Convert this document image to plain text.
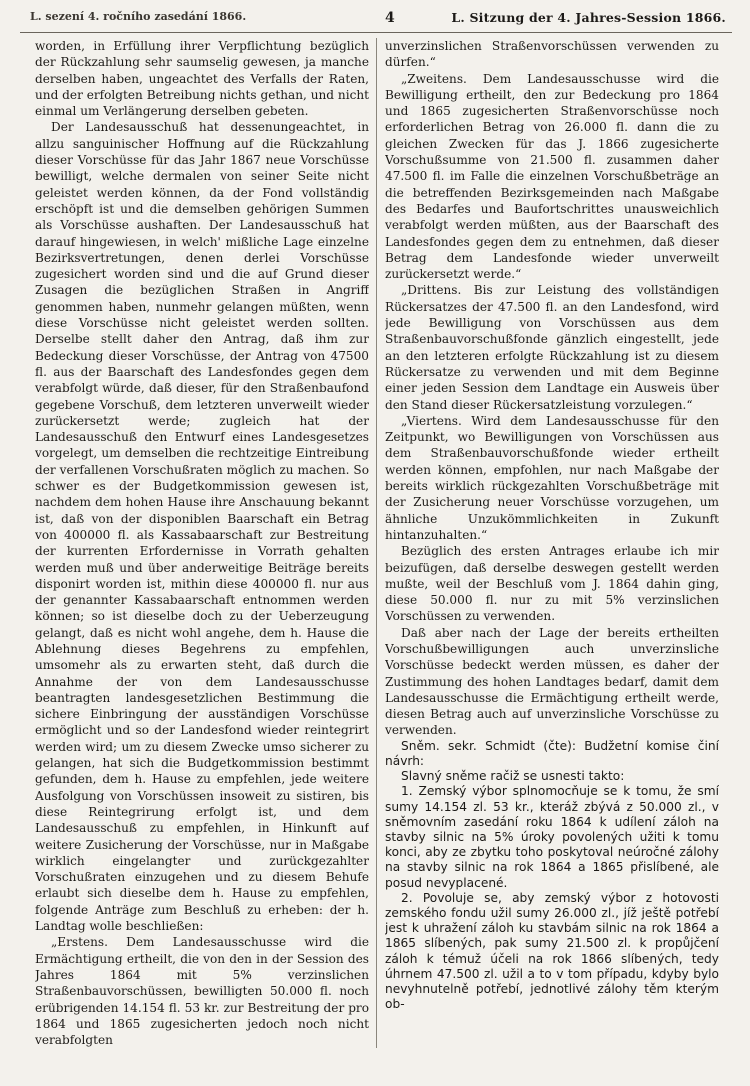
L. sezení 4. ročního zasedání 1866.	4	L. Sitzung der 4. Jahres-Session 1866.

worden, in Erfüllung ihrer Verpflichtung bezüglich der Rückzahlung sehr saumselig gewesen, ja manche derselben haben, ungeachtet des Verfalls der Raten, und der erfolgten Betreibung nichts gethan, und nicht einmal um Verlängerung derselben gebeten.

Der Landesausschuß hat dessenungeachtet, in allzu sanguinischer Hoffnung auf die Rückzahlung dieser Vorschüsse für das Jahr 1867 neue Vorschüsse bewilligt, welche dermalen von seiner Seite nicht geleistet werden können, da der Fond vollständig erschöpft ist und die demselben gehörigen Summen als Vorschüsse aushaften. Der Landesausschuß hat darauf hingewiesen, in welch' mißliche Lage einzelne Bezirksvertretungen, denen derlei Vorschüsse zugesichert worden sind und die auf Grund dieser Zusagen die bezüglichen Straßen in Angriff genommen haben, nunmehr gelangen müßten, wenn diese Vorschüsse nicht geleistet werden sollten. Derselbe stellt daher den Antrag, daß ihm zur Bedeckung dieser Vorschüsse, der Antrag von 47500 fl. aus der Baarschaft des Landesfondes gegen dem verabfolgt würde, daß dieser, für den Straßenbaufond gegebene Vorschuß, dem letzteren unverweilt wieder zurückersetzt werde; zugleich hat der Landesausschuß den Entwurf eines Landesgesetzes vorgelegt, um demselben die rechtzeitige Eintreibung der verfallenen Vorschußraten möglich zu machen. So schwer es der Budgetkommission gewesen ist, nachdem dem hohen Hause ihre Anschauung bekannt ist, daß von der disponiblen Baarschaft ein Betrag von 400000 fl. als Kassabaarschaft zur Bestreitung der kurrenten Erfordernisse in Vorrath gehalten werden muß und über anderweitige Beiträge bereits disponirt worden ist, mithin diese 400000 fl. nur aus der genannter Kassabaarschaft entnommen werden können; so ist dieselbe doch zu der Ueberzeugung gelangt, daß es nicht wohl angehe, dem h. Hause die Ablehnung dieses Begehrens zu empfehlen, umsomehr als zu erwarten steht, daß durch die Annahme der von dem Landesausschusse beantragten landesgesetzlichen Bestimmung die sichere Einbringung der ausständigen Vorschüsse ermöglicht und so der Landesfond wieder reintegrirt werden wird; um zu diesem Zwecke umso sicherer zu gelangen, hat sich die Budgetkommission bestimmt gefunden, dem h. Hause zu empfehlen, jede weitere Ausfolgung von Vorschüssen insoweit zu sistiren, bis diese Reintegrirung erfolgt ist, und dem Landesausschuß zu empfehlen, in Hinkunft auf weitere Zusicherung der Vorschüsse, nur in Maßgabe wirklich eingelangter und zurückgezahlter Vorschußraten einzugehen und zu diesem Behufe erlaubt sich dieselbe dem h. Hause zu empfehlen, folgende Anträge zum Beschluß zu erheben: der h. Landtag wolle beschließen:

„Erstens. Dem Landesausschusse wird die Ermächtigung ertheilt, die von den in der Session des Jahres 1864 mit 5% verzinslichen Straßenbauvorschüssen, bewilligten 50.000 fl. noch erübrigenden 14.154 fl. 53 kr. zur Bestreitung der pro 1864 und 1865 zugesicherten jedoch noch nicht verabfolgten

unverzinslichen Straßenvorschüssen verwenden zu dürfen.“

„Zweitens. Dem Landesausschusse wird die Bewilligung ertheilt, den zur Bedeckung pro 1864 und 1865 zugesicherten Straßenvorschüsse noch erforderlichen Betrag von 26.000 fl. dann die zu gleichen Zwecken für das J. 1866 zugesicherte Vorschußsumme von 21.500 fl. zusammen daher 47.500 fl. im Falle die einzelnen Vorschußbeträge an die betreffenden Bezirksgemeinden nach Maßgabe des Bedarfes und Baufortschrittes unausweichlich verabfolgt werden müßten, aus der Baarschaft des Landesfondes gegen dem zu entnehmen, daß dieser Betrag dem Landesfonde wieder unverweilt zurückersetzt werde.“

„Drittens. Bis zur Leistung des vollständigen Rückersatzes der 47.500 fl. an den Landesfond, wird jede Bewilligung von Vorschüssen aus dem Straßenbauvorschußfonde gänzlich eingestellt, jede an den letzteren erfolgte Rückzahlung ist zu diesem Rückersatze zu verwenden und mit dem Beginne einer jeden Session dem Landtage ein Ausweis über den Stand dieser Rückersatzleistung vorzulegen.“

„Viertens. Wird dem Landesausschusse für den Zeitpunkt, wo Bewilligungen von Vorschüssen aus dem Straßenbauvorschußfonde wieder ertheilt werden können, empfohlen, nur nach Maßgabe der bereits wirklich rückgezahlten Vorschußbeträge mit der Zusicherung neuer Vorschüsse vorzugehen, um ähnliche Unzukömmlichkeiten in Zukunft hintanzuhalten.“

Bezüglich des ersten Antrages erlaube ich mir beizufügen, daß derselbe deswegen gestellt werden mußte, weil der Beschluß vom J. 1864 dahin ging, diese 50.000 fl. nur zu mit 5% verzinslichen Vorschüssen zu verwenden.

Daß aber nach der Lage der bereits ertheilten Vorschußbewilligungen auch unverzinsliche Vorschüsse bedeckt werden müssen, es daher der Zustimmung des hohen Landtages bedarf, damit dem Landesausschusse die Ermächtigung ertheilt werde, diesen Betrag auch auf unverzinsliche Vorschüsse zu verwenden.

Sněm. sekr. Schmidt (čte): Budžetní komise činí návrh:

Slavný sněme račiž se usnesti takto:

1. Zemský výbor splnomocňuje se k tomu, že smí sumy 14.154 zl. 53 kr., kteráž zbývá z 50.000 zl., v sněmovním zasedání roku 1864 k udílení záloh na stavby silnic na 5% úroky povolených užiti k tomu konci, aby ze zbytku toho poskytoval neúročné zálohy na stavby silnic na rok 1864 a 1865 přislíbené, ale posud nevyplacené.

2. Povoluje se, aby zemský výbor z hotovosti zemského fondu užil sumy 26.000 zl., jíž ještě potřebí jest k uhražení záloh ku stavbám silnic na rok 1864 a 1865 slíbených, pak sumy 21.500 zl. k propůjčení záloh k témuž účeli na rok 1866 slíbených, tedy úhrnem 47.500 zl. užil a to v tom případu, kdyby bylo nevyhnutelně potřebí, jednotlivé zálohy těm kterým ob-
